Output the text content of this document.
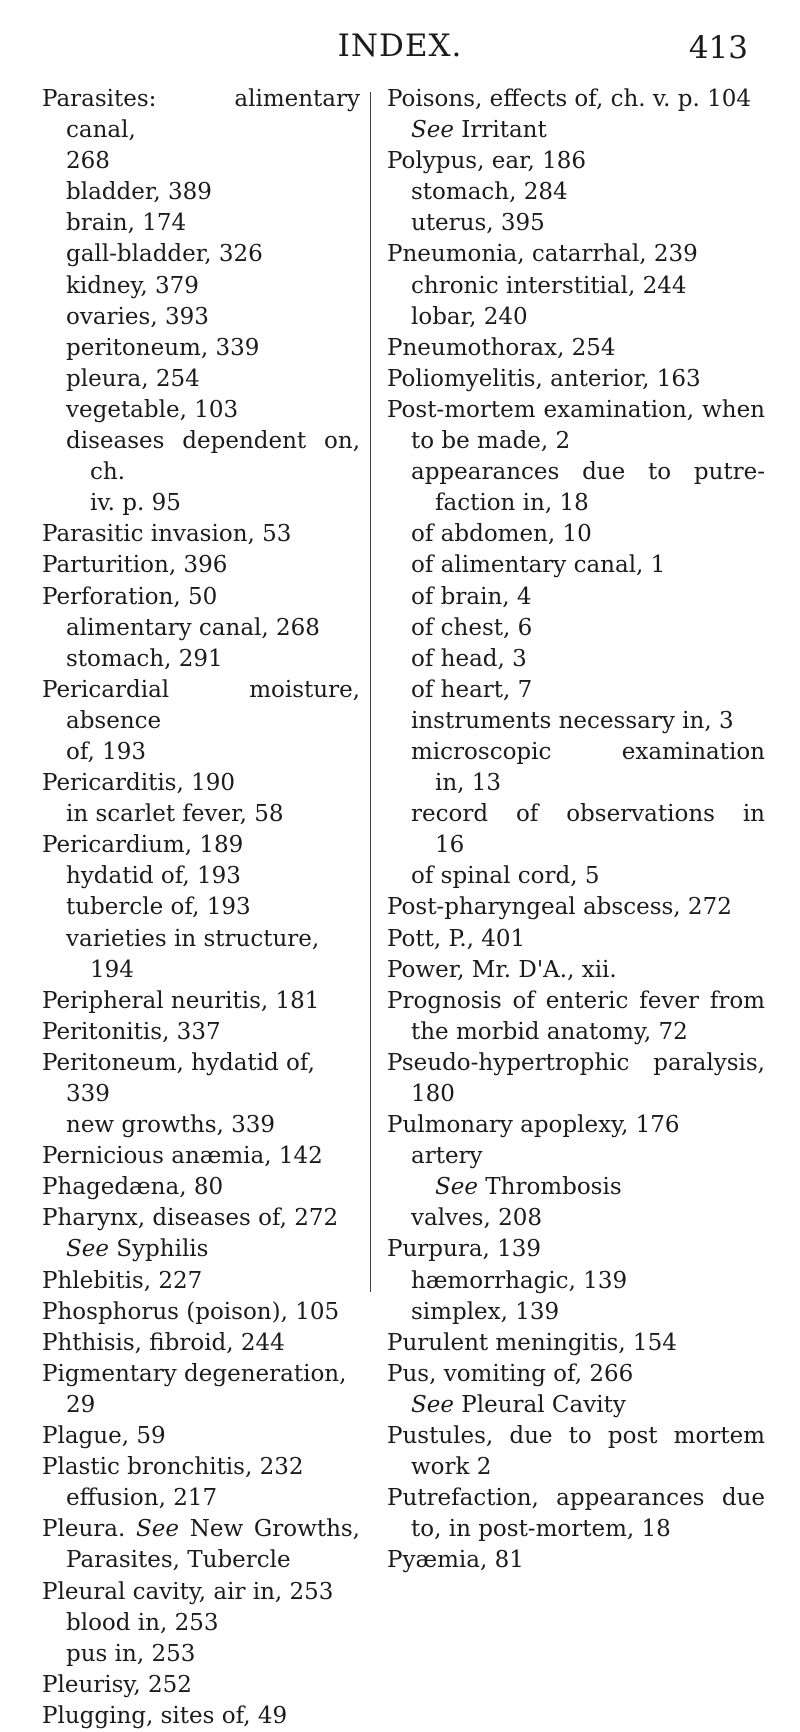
INDEX.	413
Parasites: alimentary canal,
268
bladder, 389
brain, 174
gall-bladder, 326
kidney, 379
ovaries, 393
peritoneum, 339
pleura, 254
vegetable, 103
diseases dependent on, ch.
iv. p. 95
Parasitic invasion, 53
Parturition, 396
Perforation, 50
alimentary canal, 268
stomach, 291
Pericardial moisture, absence
of, 193
Pericarditis, 190
in scarlet fever, 58
Pericardium, 189
hydatid of, 193
tubercle of, 193
varieties in structure,
194
Peripheral neuritis, 181
Peritonitis, 337
Peritoneum, hydatid of, 339
new growths, 339
Pernicious anæmia, 142
Phagedæna, 80
Pharynx, diseases of, 272
See Syphilis
Phlebitis, 227
Phosphorus (poison), 105
Phthisis, fibroid, 244
Pigmentary degeneration, 29
Plague, 59
Plastic bronchitis, 232
effusion, 217
Pleura. See New Growths,
Parasites, Tubercle
Pleural cavity, air in, 253
blood in, 253
pus in, 253
Pleurisy, 252
Plugging, sites of, 49
Poisons, effects of, ch. v. p. 104
See Irritant
Polypus, ear, 186
stomach, 284
uterus, 395
Pneumonia, catarrhal, 239
chronic interstitial, 244
lobar, 240
Pneumothorax, 254
Poliomyelitis, anterior, 163
Post-mortem examination, when
to be made, 2
appearances due to putre-
faction in, 18
of abdomen, 10
of alimentary canal, 1
of brain, 4
of chest, 6
of head, 3
of heart, 7
instruments necessary in, 3
microscopic examination
in, 13
record of observations in
16
of spinal cord, 5
Post-pharyngeal abscess, 272
Pott, P., 401
Power, Mr. D'A., xii.
Prognosis of enteric fever from
the morbid anatomy, 72
Pseudo-hypertrophic paralysis,
180
Pulmonary apoplexy, 176
artery
See Thrombosis
valves, 208
Purpura, 139
hæmorrhagic, 139
simplex, 139
Purulent meningitis, 154
Pus, vomiting of, 266
See Pleural Cavity
Pustules, due to post mortem
work 2
Putrefaction, appearances due
to, in post-mortem, 18
Pyæmia, 81
